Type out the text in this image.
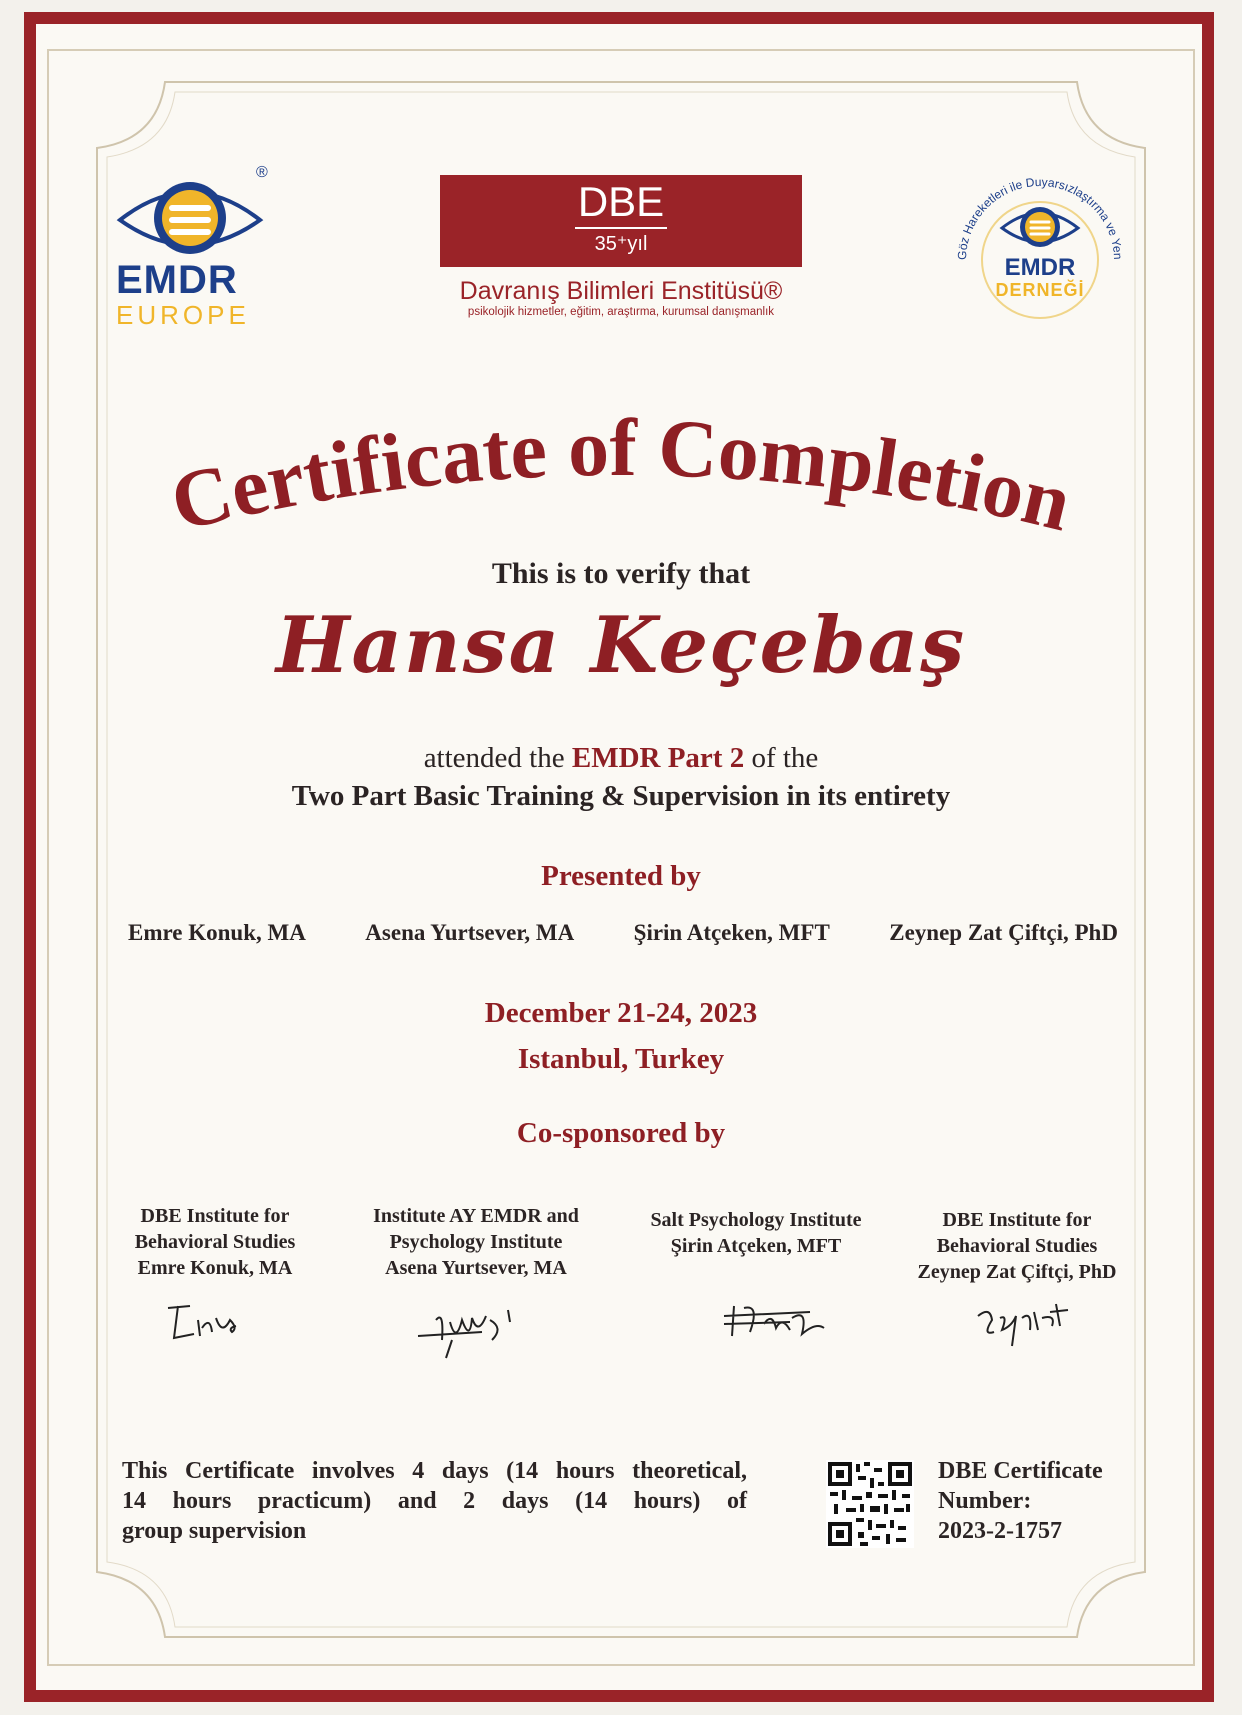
®
EMDR
EUROPE
DBE
35⁺yıl
Davranış Bilimleri Enstitüsü®
psikolojik hizmetler, eğitim, araştırma, kurumsal danışmanlık
Göz Hareketleri ile Duyarsızlaştırma ve Yen
EMDR
DERNEĞİ
Certificate of Completion
This is to verify that
Hansa Keçebaş
attended the EMDR Part 2 of the
Two Part Basic Training & Supervision in its entirety
Presented by
Emre Konuk, MA	Asena Yurtsever, MA	Şirin Atçeken, MFT	Zeynep Zat Çiftçi, PhD
December 21-24, 2023
Istanbul, Turkey
Co-sponsored by
DBE Institute for
Behavioral Studies
Emre Konuk, MA
Institute AY EMDR and
Psychology Institute
Asena Yurtsever, MA
Salt Psychology Institute
Şirin Atçeken, MFT
DBE Institute for
Behavioral Studies
Zeynep Zat Çiftçi, PhD
This Certificate involves 4 days (14 hours theoretical,
14 hours practicum) and 2 days (14 hours) of
group supervision
DBE Certificate
Number:
2023-2-1757
